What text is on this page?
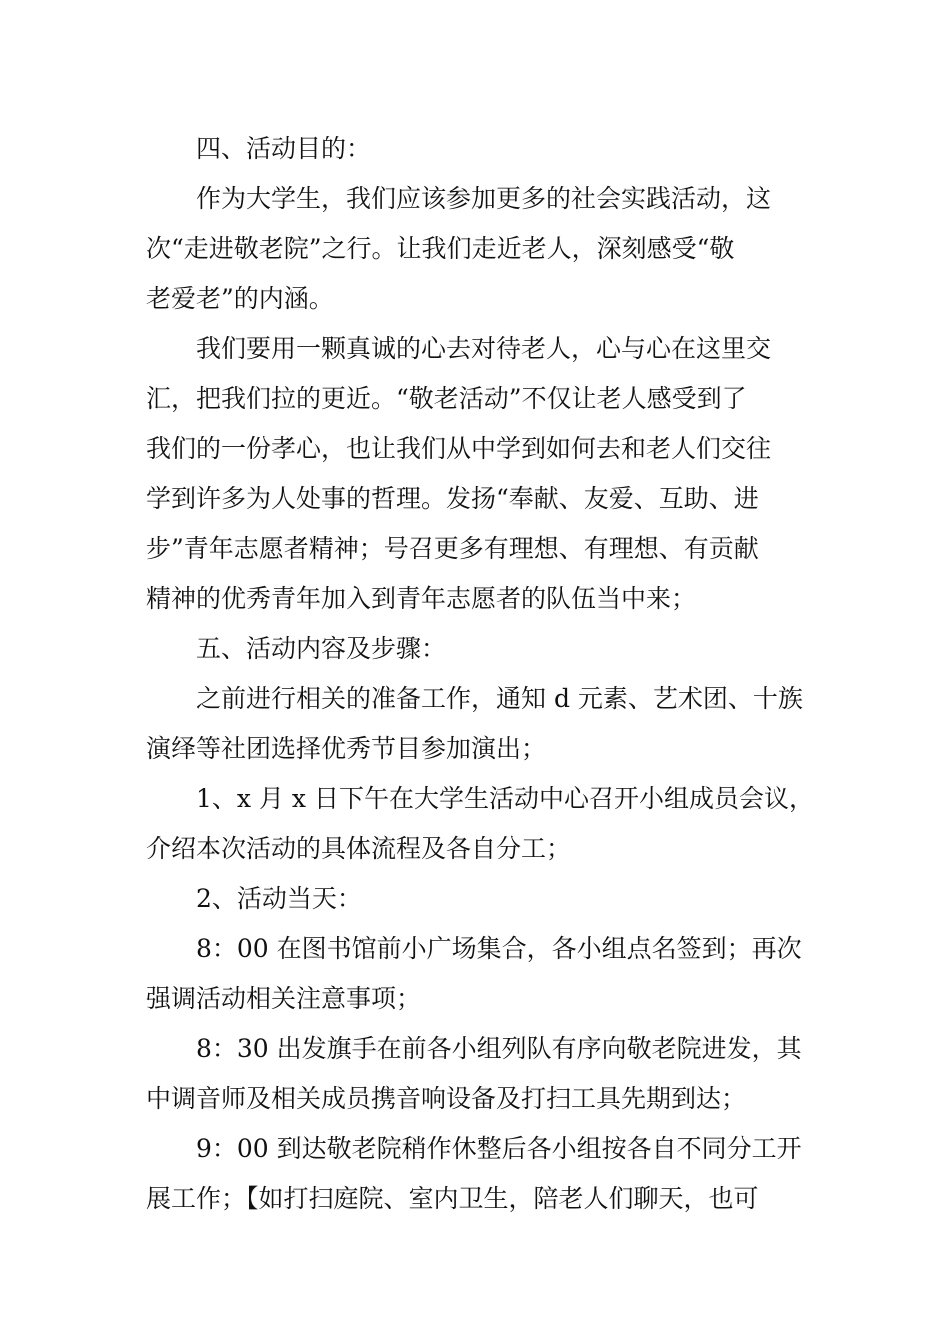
四、活动目的：
作为大学生，我们应该参加更多的社会实践活动，这
次“走进敬老院”之行。让我们走近老人，深刻感受“敬
老爱老”的内涵。
我们要用一颗真诚的心去对待老人，心与心在这里交
汇，把我们拉的更近。“敬老活动”不仅让老人感受到了
我们的一份孝心，也让我们从中学到如何去和老人们交往
学到许多为人处事的哲理。发扬“奉献、友爱、互助、进
步”青年志愿者精神；号召更多有理想、有理想、有贡献
精神的优秀青年加入到青年志愿者的队伍当中来；
五、活动内容及步骤：
之前进行相关的准备工作，通知 d 元素、艺术团、十族
演绎等社团选择优秀节目参加演出；
1、x 月 x 日下午在大学生活动中心召开小组成员会议，
介绍本次活动的具体流程及各自分工；
2、活动当天：
8：00 在图书馆前小广场集合，各小组点名签到；再次
强调活动相关注意事项；
8：30 出发旗手在前各小组列队有序向敬老院进发，其
中调音师及相关成员携音响设备及打扫工具先期到达；
9：00 到达敬老院稍作休整后各小组按各自不同分工开
展工作；【如打扫庭院、室内卫生，陪老人们聊天，也可
